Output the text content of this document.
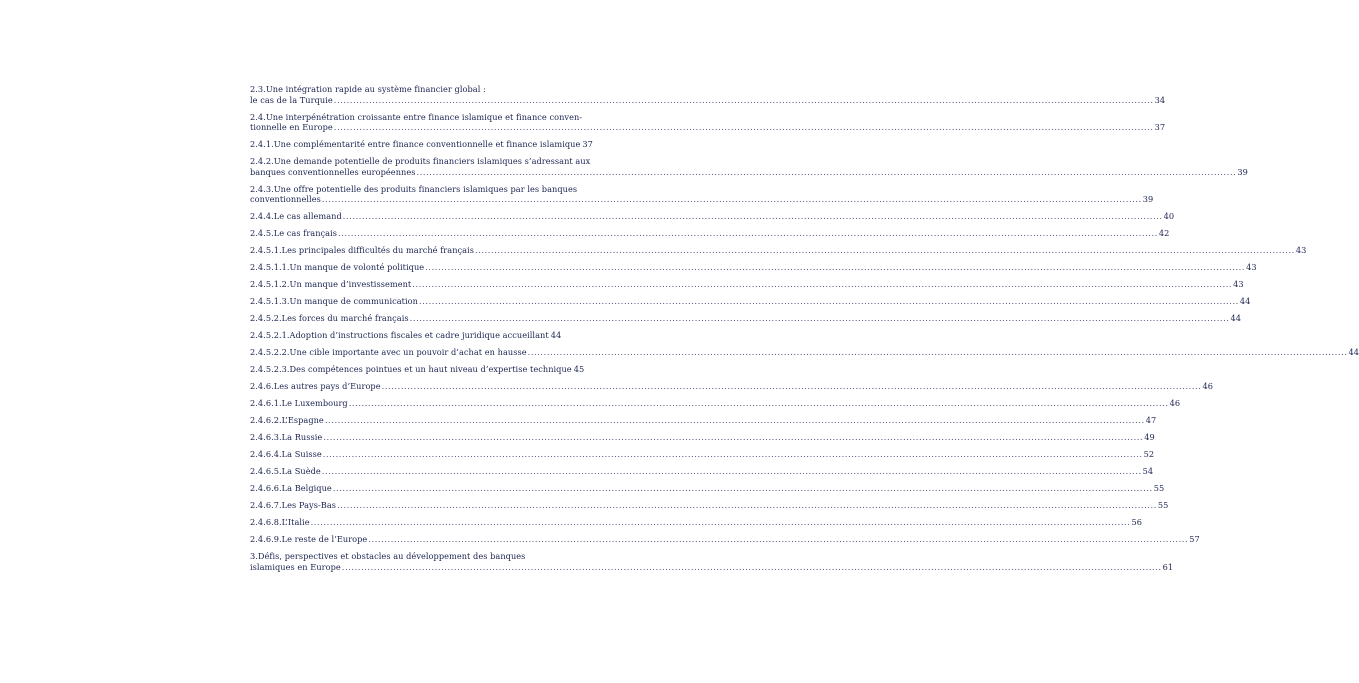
2.3.Une intégration rapide au système financier global :
le cas de la Turquie .....	34
2.4.Une interpénétration croissante entre finance islamique et finance conven-
tionnelle en Europe .....	37
2.4.1.Une complémentarité entre finance conventionnelle et finance islamique 37
2.4.2.Une demande potentielle de produits financiers islamiques s’adressant aux
banques conventionnelles européennes .....	39
2.4.3.Une offre potentielle des produits financiers islamiques par les banques
conventionnelles .....	39
2.4.4.Le cas allemand .....	40
2.4.5.Le cas français .....	42
2.4.5.1.Les principales difficultés du marché français .....	43
2.4.5.1.1.Un manque de volonté politique .....	43
2.4.5.1.2.Un manque d’investissement .....	43
2.4.5.1.3.Un manque de communication .....	44
2.4.5.2.Les forces du marché français .....	44
2.4.5.2.1.Adoption d’instructions fiscales et cadre juridique accueillant 44
2.4.5.2.2.Une cible importante avec un pouvoir d’achat en hausse .....	44
2.4.5.2.3.Des compétences pointues et un haut niveau d’expertise technique 45
2.4.6.Les autres pays d’Europe .....	46
2.4.6.1.Le Luxembourg .....	46
2.4.6.2.L’Espagne .....	47
2.4.6.3.La Russie .....	49
2.4.6.4.La Suisse .....	52
2.4.6.5.La Suède .....	54
2.4.6.6.La Belgique .....	55
2.4.6.7.Les Pays-Bas .....	55
2.4.6.8.L’Italie .....	56
2.4.6.9.Le reste de l’Europe .....	57
3.Défis, perspectives et obstacles au développement des banques
islamiques en Europe .....	61
